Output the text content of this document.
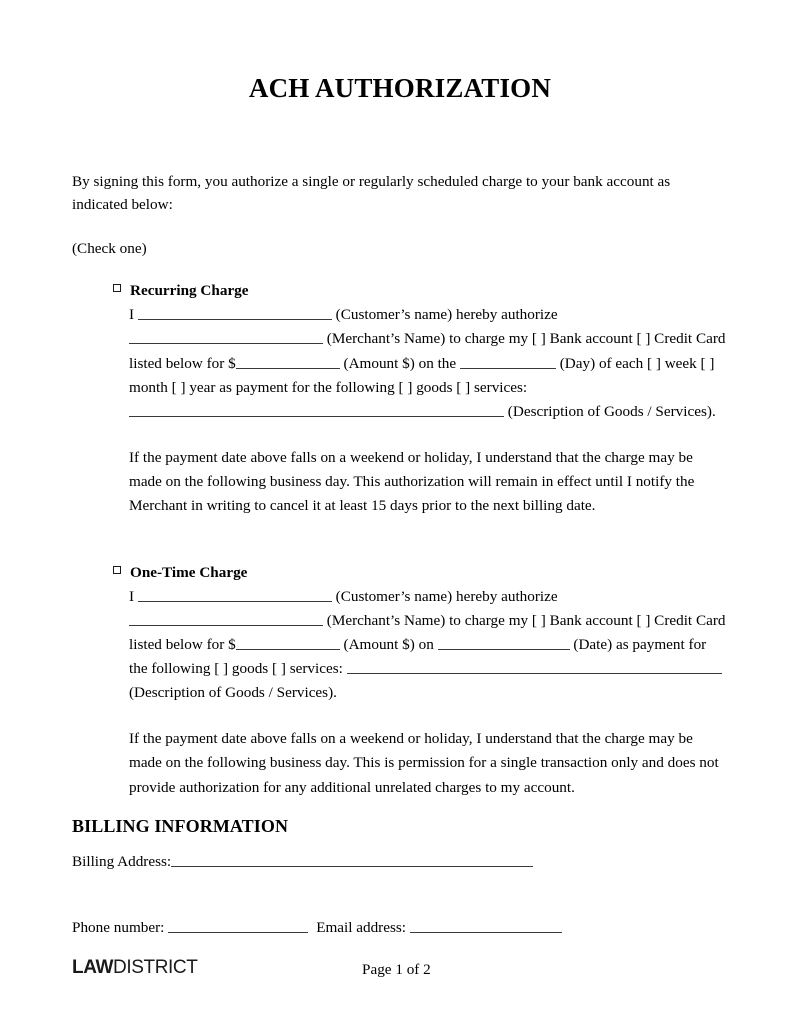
ACH AUTHORIZATION

By signing this form, you authorize a single or regularly scheduled charge to your bank account as indicated below:

(Check one)

Recurring Charge
I	(Customer’s name) hereby authorize  (Merchant’s Name) to charge my [ ] Bank account [ ] Credit Card listed below for $	(Amount $) on the	(Day) of each [ ] week [ ] month [ ] year as payment for the following [ ] goods [ ] services:  (Description of Goods / Services).

If the payment date above falls on a weekend or holiday, I understand that the charge may be made on the following business day. This authorization will remain in effect until I notify the Merchant in writing to cancel it at least 15 days prior to the next billing date.

One-Time Charge
I	(Customer’s name) hereby authorize  (Merchant’s Name) to charge my [ ] Bank account [ ] Credit Card listed below for $	(Amount $) on	(Date) as payment for the following [ ] goods [ ] services:  (Description of Goods / Services).

If the payment date above falls on a weekend or holiday, I understand that the charge may be made on the following business day. This is permission for a single transaction only and does not provide authorization for any additional unrelated charges to my account.

BILLING INFORMATION
Billing Address:
Phone number:	Email address:
LAWDISTRICT	Page 1 of 2
